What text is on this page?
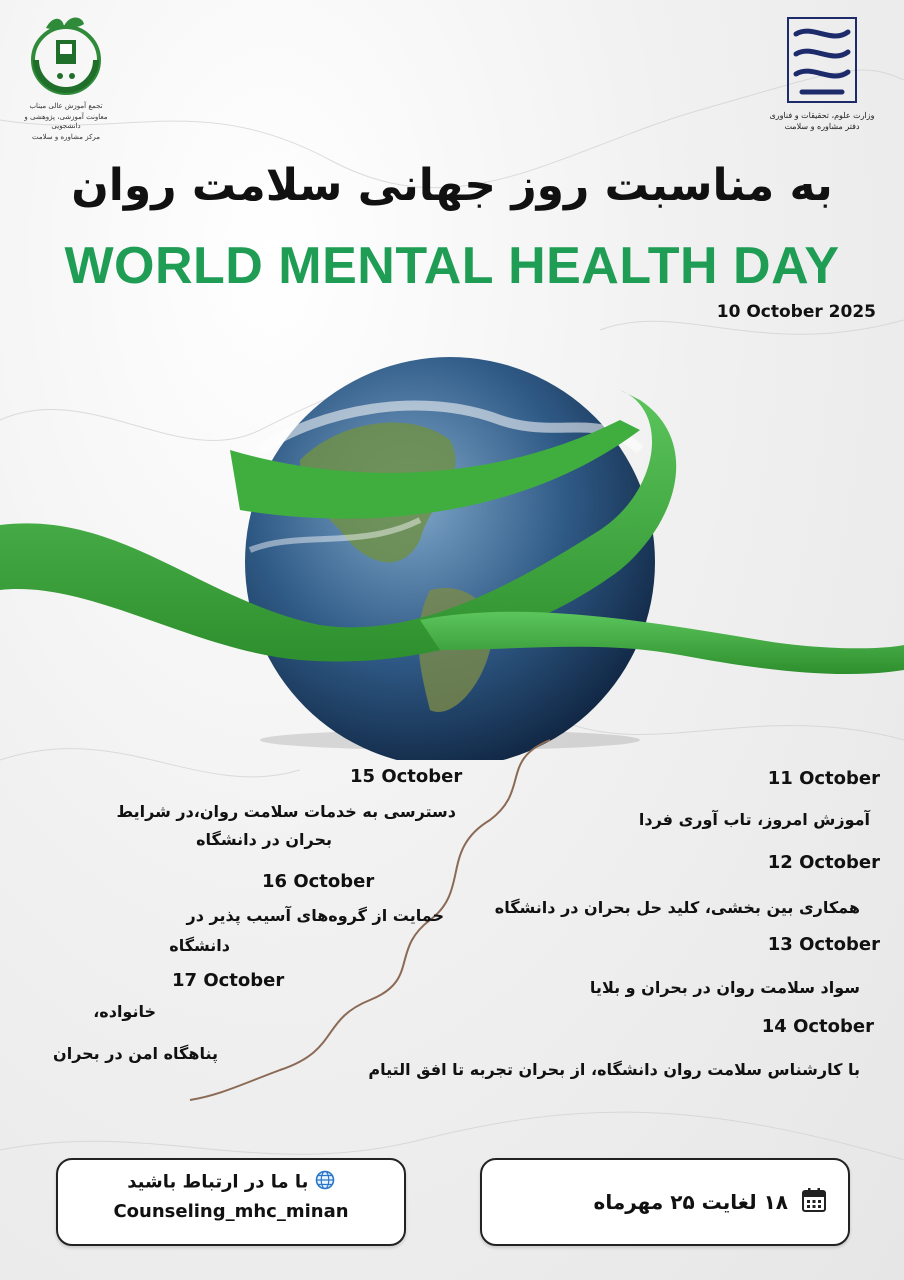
تجمع آموزش عالی میناب
معاونت آموزشی، پژوهشی و دانشجویی
مرکز مشاوره و سلامت
وزارت علوم، تحقیقات و فناوری
دفتر مشاوره و سلامت
به مناسبت روز جهانی سلامت روان
WORLD MENTAL HEALTH DAY
10 October 2025
11 October
آموزش امروز، تاب آوری فردا
12 October
همکاری بین بخشی، کلید حل بحران در دانشگاه
13 October
سواد سلامت روان در بحران و بلایا
14 October
با کارشناس سلامت روان دانشگاه، از بحران تجربه تا افق التیام
15 October
دسترسی به خدمات سلامت روان،در شرایط
بحران در دانشگاه
16 October
حمایت از گروه‌های آسیب پذیر در
دانشگاه
17 October
خانواده،
پناهگاه امن در بحران
با ما در ارتباط باشید
Counseling_mhc_minan	۱۸ لغایت ۲۵ مهرماه
